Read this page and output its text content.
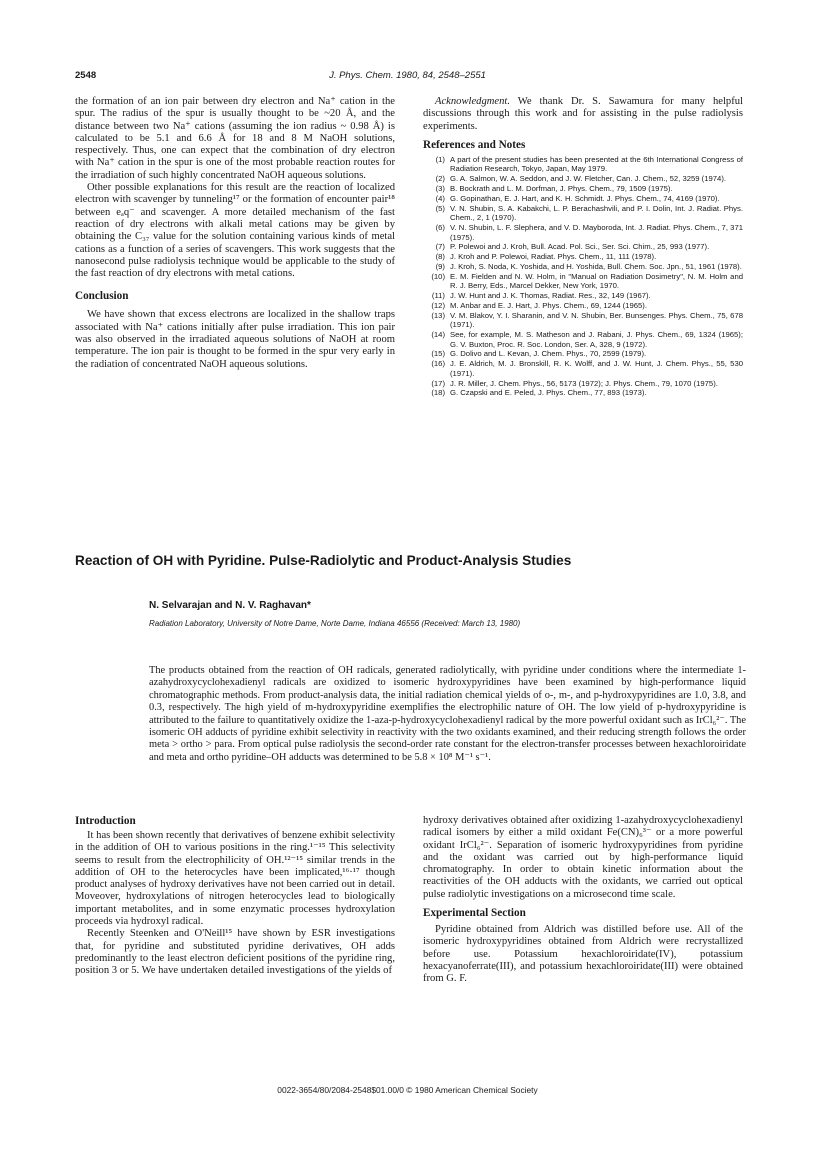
2548	J. Phys. Chem. 1980, 84, 2548–2551

the formation of an ion pair between dry electron and Na⁺ cation in the spur. The radius of the spur is usually thought to be ~20 Å, and the distance between two Na⁺ cations (assuming the ion radius ~ 0.98 Å) is calculated to be 5.1 and 6.6 Å for 18 and 8 M NaOH solutions, respectively. Thus, one can expect that the combination of dry electron with Na⁺ cation in the spur is one of the most probable reaction routes for the irradiation of such highly concentrated NaOH aqueous solutions.

Other possible explanations for this result are the reaction of localized electron with scavenger by tunneling¹⁷ or the formation of encounter pair¹⁸ between eₐq⁻ and scavenger. A more detailed mechanism of the fast reaction of dry electrons with alkali metal cations may be given by obtaining the C₃₇ value for the solution containing various kinds of metal cations as a function of a series of scavengers. This work suggests that the nanosecond pulse radiolysis technique would be applicable to the study of the fast reaction of dry electrons with metal cations.

Conclusion

We have shown that excess electrons are localized in the shallow traps associated with Na⁺ cations initially after pulse irradiation. This ion pair was also observed in the irradiated aqueous solutions of NaOH at room temperature. The ion pair is thought to be formed in the spur very early in the radiation of concentrated NaOH aqueous solutions.

Acknowledgment. We thank Dr. S. Sawamura for many helpful discussions through this work and for assisting in the pulse radiolysis experiments.

References and Notes
(1) A part of the present studies has been presented at the 6th International Congress of Radiation Research, Tokyo, Japan, May 1979.
(2) G. A. Salmon, W. A. Seddon, and J. W. Fletcher, Can. J. Chem., 52, 3259 (1974).
(3) B. Bockrath and L. M. Dorfman, J. Phys. Chem., 79, 1509 (1975).
(4) G. Gopinathan, E. J. Hart, and K. H. Schmidt. J. Phys. Chem., 74, 4169 (1970).
(5) V. N. Shubin, S. A. Kabakchi, L. P. Berachashvili, and P. I. Dolin, Int. J. Radiat. Phys. Chem., 2, 1 (1970).
(6) V. N. Shubin, L. F. Slephera, and V. D. Mayboroda, Int. J. Radiat. Phys. Chem., 7, 371 (1975).
(7) P. Polewoi and J. Kroh, Bull. Acad. Pol. Sci., Ser. Sci. Chim., 25, 993 (1977).
(8) J. Kroh and P. Polewoi, Radiat. Phys. Chem., 11, 111 (1978).
(9) J. Kroh, S. Noda, K. Yoshida, and H. Yoshida, Bull. Chem. Soc. Jpn., 51, 1961 (1978).
(10) E. M. Fielden and N. W. Holm, in "Manual on Radiation Dosimetry", N. M. Holm and R. J. Berry, Eds., Marcel Dekker, New York, 1970.
(11) J. W. Hunt and J. K. Thomas, Radiat. Res., 32, 149 (1967).
(12) M. Anbar and E. J. Hart, J. Phys. Chem., 69, 1244 (1965).
(13) V. M. Blakov, Y. I. Sharanin, and V. N. Shubin, Ber. Bunsenges. Phys. Chem., 75, 678 (1971).
(14) See, for example, M. S. Matheson and J. Rabani, J. Phys. Chem., 69, 1324 (1965); G. V. Buxton, Proc. R. Soc. London, Ser. A, 328, 9 (1972).
(15) G. Dolivo and L. Kevan, J. Chem. Phys., 70, 2599 (1979).
(16) J. E. Aldrich, M. J. Bronskill, R. K. Wolff, and J. W. Hunt, J. Chem. Phys., 55, 530 (1971).
(17) J. R. Miller, J. Chem. Phys., 56, 5173 (1972); J. Phys. Chem., 79, 1070 (1975).
(18) G. Czapski and E. Peled, J. Phys. Chem., 77, 893 (1973).
Reaction of OH with Pyridine. Pulse-Radiolytic and Product-Analysis Studies
N. Selvarajan and N. V. Raghavan*
Radiation Laboratory, University of Notre Dame, Norte Dame, Indiana 46556 (Received: March 13, 1980)
The products obtained from the reaction of OH radicals, generated radiolytically, with pyridine under conditions where the intermediate 1-azahydroxycyclohexadienyl radicals are oxidized to isomeric hydroxypyridines have been examined by high-performance liquid chromatographic methods. From product-analysis data, the initial radiation chemical yields of o-, m-, and p-hydroxypyridines are 1.0, 3.8, and 0.3, respectively. The high yield of m-hydroxypyridine exemplifies the electrophilic nature of OH. The low yield of p-hydroxypyridine is attributed to the failure to quantitatively oxidize the 1-aza-p-hydroxycyclohexadienyl radical by the more powerful oxidant such as IrCl₆²⁻. The isomeric OH adducts of pyridine exhibit selectivity in reactivity with the two oxidants examined, and their reducing strength follows the order meta > ortho > para. From optical pulse radiolysis the second-order rate constant for the electron-transfer processes between hexachloroiridate and meta and ortho pyridine–OH adducts was determined to be 5.8 × 10⁸ M⁻¹ s⁻¹.
Introduction

It has been shown recently that derivatives of benzene exhibit selectivity in the addition of OH to various positions in the ring.¹⁻¹⁵ This selectivity seems to result from the electrophilicity of OH.¹²⁻¹⁵ similar trends in the addition of OH to the heterocycles have been implicated,¹⁶·¹⁷ though product analyses of hydroxy derivatives have not been carried out in detail. Moveover, hydroxylations of nitrogen heterocycles lead to biologically important metabolites, and in some enzymatic processes hydroxylation proceeds via hydroxyl radical.

Recently Steenken and O'Neill¹⁵ have shown by ESR investigations that, for pyridine and substituted pyridine derivatives, OH adds predominantly to the least electron deficient positions of the pyridine ring, position 3 or 5. We have undertaken detailed investigations of the yields of

hydroxy derivatives obtained after oxidizing 1-azahydroxycyclohexadienyl radical isomers by either a mild oxidant Fe(CN)₆³⁻ or a more powerful oxidant IrCl₆²⁻. Separation of isomeric hydroxypyridines from pyridine and the oxidant was carried out by high-performance liquid chromatography. In order to obtain kinetic information about the reactivities of the OH adducts with the oxidants, we carried out optical pulse radiolytic investigations on a microsecond time scale.

Experimental Section

Pyridine obtained from Aldrich was distilled before use. All of the isomeric hydroxypyridines obtained from Aldrich were recrystallized before use. Potassium hexachloroiridate(IV), potassium hexacyanoferrate(III), and potassium hexachloroiridate(III) were obtained from G. F.

0022-3654/80/2084-2548$01.00/0 © 1980 American Chemical Society
